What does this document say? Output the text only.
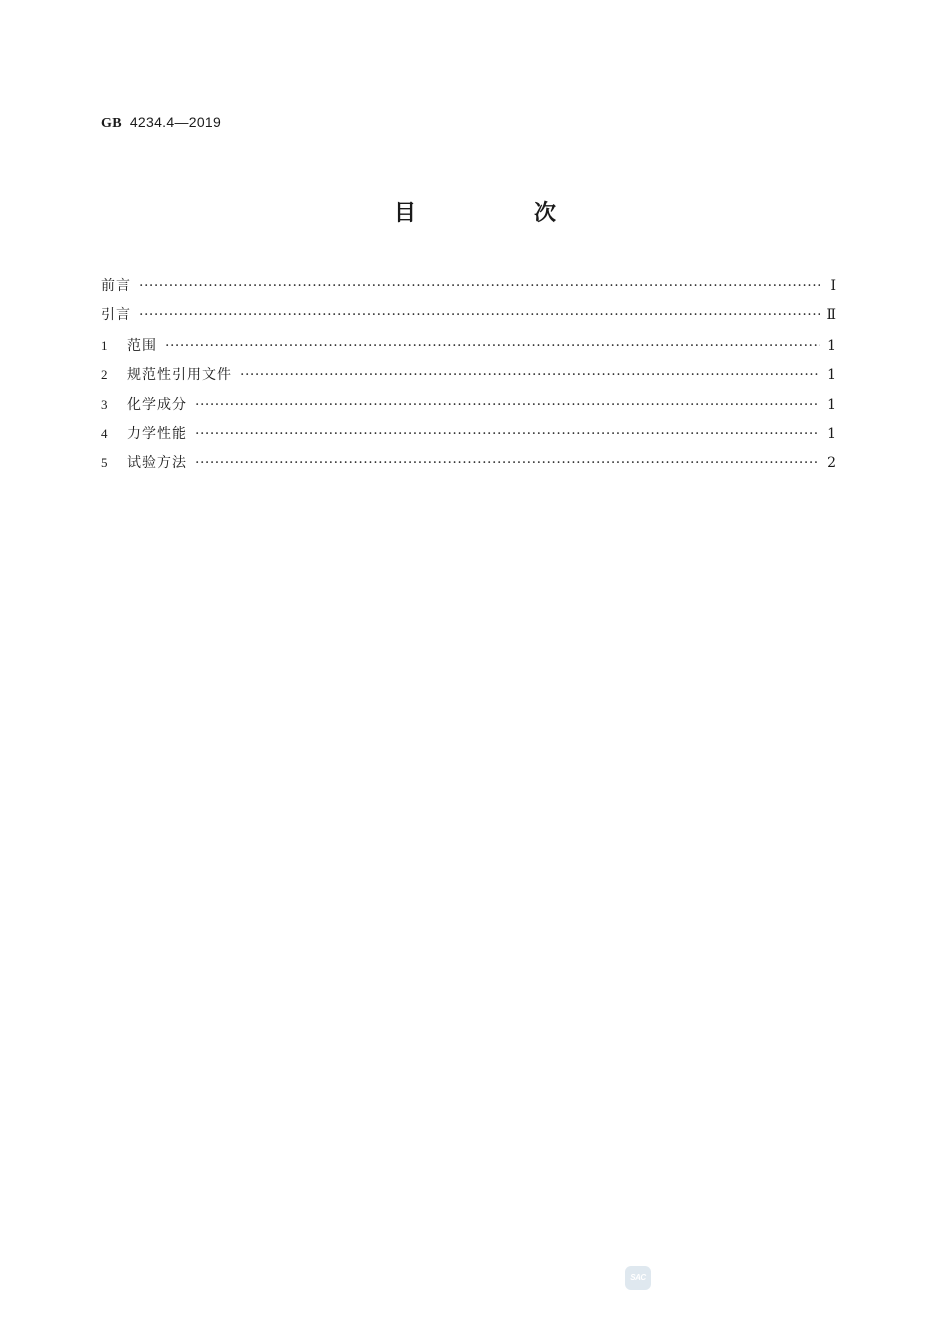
GB 4234.4—2019
目　次
前言 ·····	Ⅰ
引言 ·····	Ⅱ
1	范围 ·····	1
2	规范性引用文件 ·····	1
3	化学成分 ·····	1
4	力学性能 ·····	1
5	试验方法 ·····	2
SAC
